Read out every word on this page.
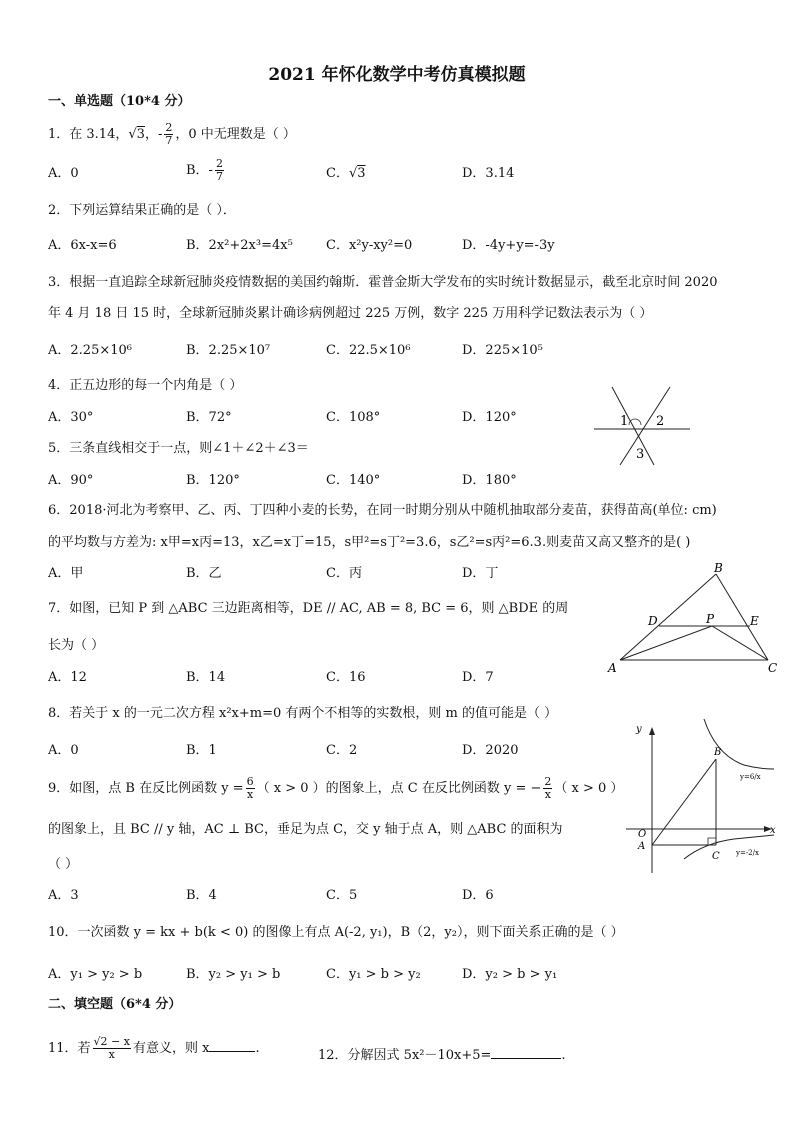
2021 年怀化数学中考仿真模拟题
一、单选题（10*4 分）
1．在 3.14，√3，- $\frac{2}{7}$ ，0 中无理数是（ ）
A．0	B．- $\frac{2}{7}$	C．√3	D．3.14
2．下列运算结果正确的是（ ）．
A．6x-x=6	B．2x²+2x³=4x⁵	C．x²y-xy²=0	D．-4y+y=-3y
3．根据一直追踪全球新冠肺炎疫情数据的美国约翰斯．霍普金斯大学发布的实时统计数据显示，截至北京时间 2020
年 4 月 18 日 15 时，全球新冠肺炎累计确诊病例超过 225 万例，数字 225 万用科学记数法表示为（ ）
A．2.25×10⁶	B．2.25×10⁷	C．22.5×10⁶	D．225×10⁵
4．正五边形的每一个内角是（ ）
A．30°	B．72°	C．108°	D．120°
5．三条直线相交于一点，则∠1＋∠2＋∠3＝
A．90°	B．120°	C．140°	D．180°
1 2
3
6．2018·河北为考察甲、乙、丙、丁四种小麦的长势，在同一时期分别从中随机抽取部分麦苗，获得苗高(单位: cm)
的平均数与方差为: x甲=x丙=13，x乙=x丁=15，s甲²=s丁²=3.6，s乙²=s丙²=6.3.则麦苗又高又整齐的是( )
A．甲	B．乙	C．丙	D．丁
7．如图，已知 P 到 △ABC 三边距离相等，DE // AC, AB = 8, BC = 6，则 △BDE 的周
长为（ ）
A．12	B．14	C．16	D．7
B
D	P	E
A	C
8．若关于 x 的一元二次方程 x²x+m=0 有两个不相等的实数根，则 m 的值可能是（ ）
A．0	B．1	C．2	D．2020
9．如图，点 B 在反比例函数 $y = \frac{6}{x}$ （ x > 0 ）的图象上，点 C 在反比例函数 y = − $\frac{2}{x}$ （ x > 0 ）
的图象上，且 BC // y 轴，AC ⊥ BC，垂足为点 C，交 y 轴于点 A，则 △ABC 的面积为
（ ）
A．3	B．4	C．5	D．6
y
x
O
A
B
C
y=6/x
y=-2/x
10．一次函数 y = kx + b(k < 0) 的图像上有点 A(-2, y₁)，B（2，y₂），则下面关系正确的是（ ）
A．y₁ > y₂ > b	B．y₂ > y₁ > b	C．y₁ > b > y₂	D．y₂ > b > y₁
二、填空题（6*4 分）
11．若 $\frac{√2 - x}{x}$ 有意义，则 x	.	12．分解因式 5x²－10x+5=	.
